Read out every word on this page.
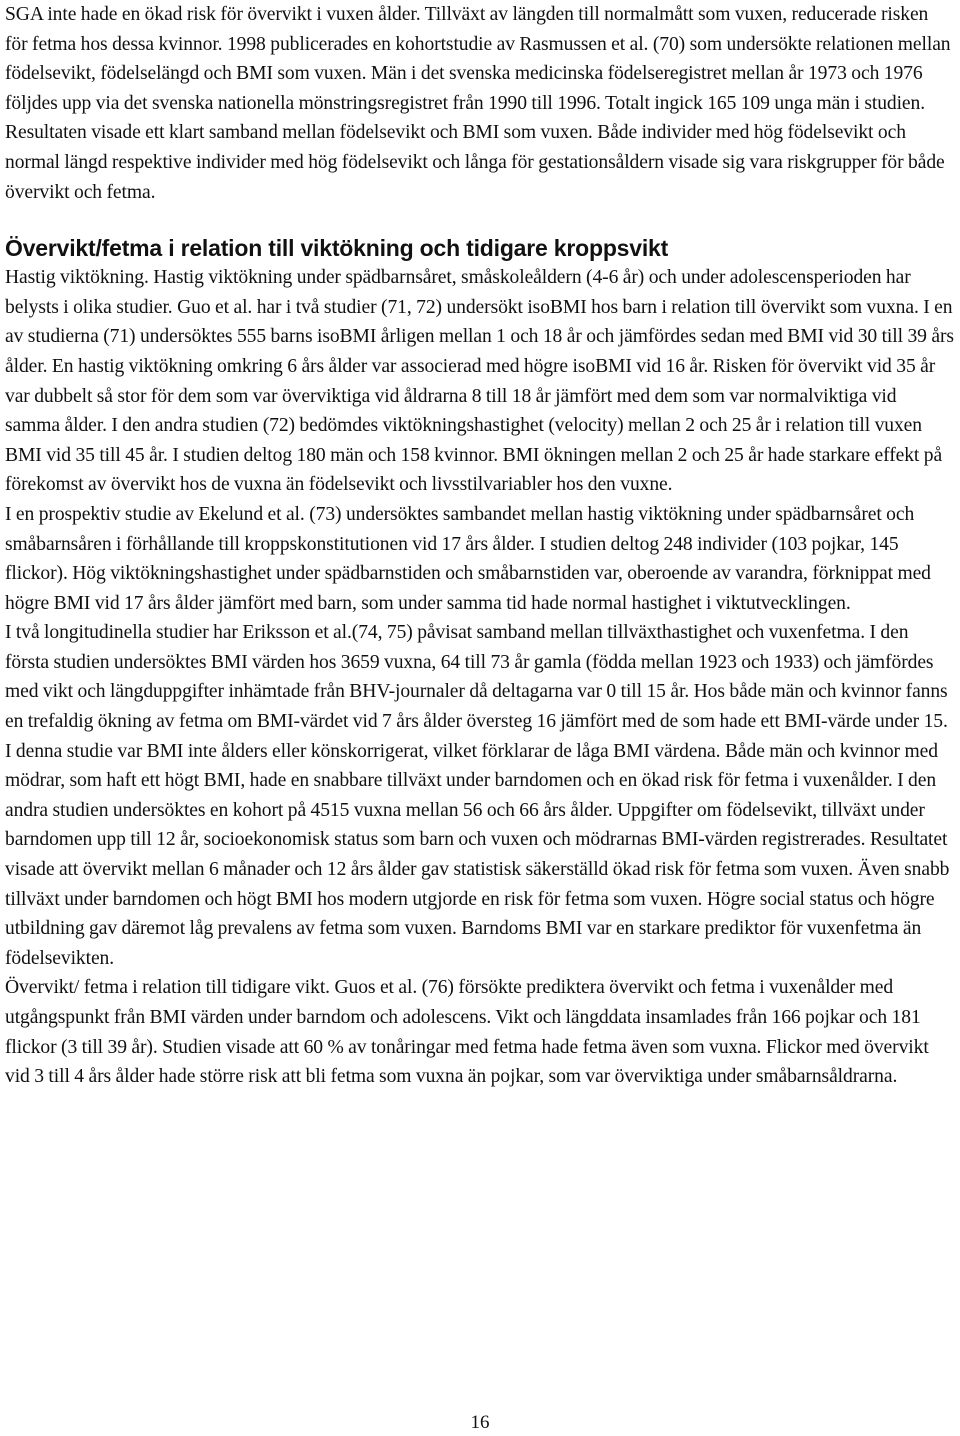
SGA inte hade en ökad risk för övervikt i vuxen ålder. Tillväxt av längden till normalmått som vuxen, reducerade risken för fetma hos dessa kvinnor. 1998 publicerades en kohortstudie av Rasmussen et al. (70) som undersökte relationen mellan födelsevikt, födelselängd och BMI som vuxen. Män i det svenska medicinska födelseregistret mellan år 1973 och 1976 följdes upp via det svenska nationella mönstringsregistret från 1990 till 1996. Totalt ingick 165 109 unga män i studien. Resultaten visade ett klart samband mellan födelsevikt och BMI som vuxen. Både individer med hög födelsevikt och normal längd respektive individer med hög födelsevikt och långa för gestationsåldern visade sig vara riskgrupper för både övervikt och fetma.

Övervikt/fetma i relation till viktökning och tidigare kroppsvikt

Hastig viktökning. Hastig viktökning under spädbarnsåret, småskoleåldern (4-6 år) och under adolescensperioden har belysts i olika studier. Guo et al. har i två studier (71, 72) undersökt isoBMI hos barn i relation till övervikt som vuxna. I en av studierna (71) undersöktes 555 barns isoBMI årligen mellan 1 och 18 år och jämfördes sedan med BMI vid 30 till 39 års ålder. En hastig viktökning omkring 6 års ålder var associerad med högre isoBMI vid 16 år. Risken för övervikt vid 35 år var dubbelt så stor för dem som var överviktiga vid åldrarna 8 till 18 år jämfört med dem som var normalviktiga vid samma ålder. I den andra studien (72) bedömdes viktökningshastighet (velocity) mellan 2 och 25 år i relation till vuxen BMI vid 35 till 45 år. I studien deltog 180 män och 158 kvinnor. BMI ökningen mellan 2 och 25 år hade starkare effekt på förekomst av övervikt hos de vuxna än födelsevikt och livsstilvariabler hos den vuxne.

I en prospektiv studie av Ekelund et al. (73) undersöktes sambandet mellan hastig viktökning under spädbarnsåret och småbarnsåren i förhållande till kroppskonstitutionen vid 17 års ålder. I studien deltog 248 individer (103 pojkar, 145 flickor). Hög viktökningshastighet under spädbarnstiden och småbarnstiden var, oberoende av varandra, förknippat med högre BMI vid 17 års ålder jämfört med barn, som under samma tid hade normal hastighet i viktutvecklingen.

I två longitudinella studier har Eriksson et al.(74, 75) påvisat samband mellan tillväxthastighet och vuxenfetma. I den första studien undersöktes BMI värden hos 3659 vuxna, 64 till 73 år gamla (födda mellan 1923 och 1933) och jämfördes med vikt och längduppgifter inhämtade från BHV-journaler då deltagarna var 0 till 15 år. Hos både män och kvinnor fanns en trefaldig ökning av fetma om BMI-värdet vid 7 års ålder översteg 16 jämfört med de som hade ett BMI-värde under 15. I denna studie var BMI inte ålders eller könskorrigerat, vilket förklarar de låga BMI värdena. Både män och kvinnor med mödrar, som haft ett högt BMI, hade en snabbare tillväxt under barndomen och en ökad risk för fetma i vuxenålder. I den andra studien undersöktes en kohort på 4515 vuxna mellan 56 och 66 års ålder. Uppgifter om födelsevikt, tillväxt under barndomen upp till 12 år, socioekonomisk status som barn och vuxen och mödrarnas BMI-värden registrerades. Resultatet visade att övervikt mellan 6 månader och 12 års ålder gav statistisk säkerställd ökad risk för fetma som vuxen. Även snabb tillväxt under barndomen och högt BMI hos modern utgjorde en risk för fetma som vuxen. Högre social status och högre utbildning gav däremot låg prevalens av fetma som vuxen. Barndoms BMI var en starkare prediktor för vuxenfetma än födelsevikten.

Övervikt/ fetma i relation till tidigare vikt. Guos et al. (76) försökte prediktera övervikt och fetma i vuxenålder med utgångspunkt från BMI värden under barndom och adolescens. Vikt och längddata insamlades från 166 pojkar och 181 flickor (3 till 39 år). Studien visade att 60 % av tonåringar med fetma hade fetma även som vuxna. Flickor med övervikt vid 3 till 4 års ålder hade större risk att bli fetma som vuxna än pojkar, som var överviktiga under småbarnsåldrarna.

16
